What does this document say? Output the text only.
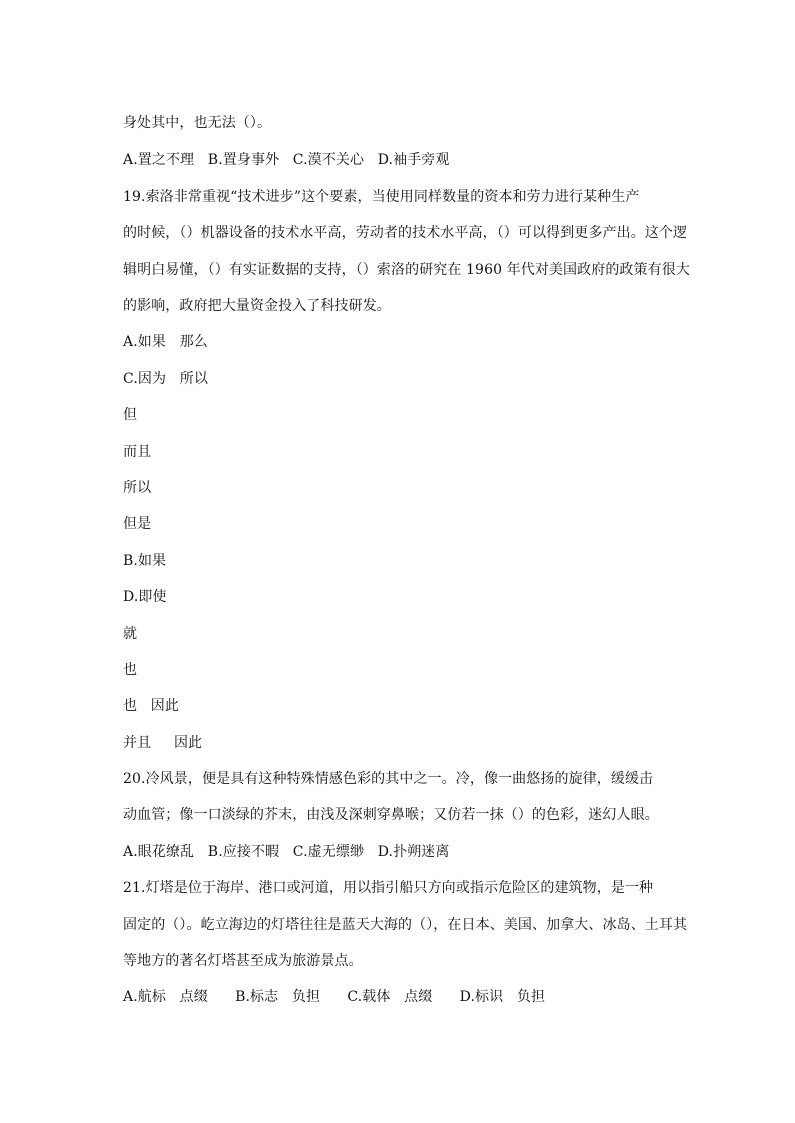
身处其中，也无法（）。
A.置之不理   B.置身事外   C.漠不关心   D.袖手旁观
19.索洛非常重视“技术进步”这个要素，当使用同样数量的资本和劳力进行某种生产
的时候，（）机器设备的技术水平高，劳动者的技术水平高，（）可以得到更多产出。这个逻
辑明白易懂，（）有实证数据的支持，（）索洛的研究在 1960 年代对美国政府的政策有很大
的影响，政府把大量资金投入了科技研发。
A.如果   那么
C.因为   所以
但
而且
所以
但是
B.如果
D.即使
就
也
也   因此
并且     因此
20.冷风景，便是具有这种特殊情感色彩的其中之一。冷，像一曲悠扬的旋律，缓缓击
动血管；像一口淡绿的芥末，由浅及深刺穿鼻喉；又仿若一抹（）的色彩，迷幻人眼。
A.眼花缭乱   B.应接不暇   C.虚无缥缈   D.扑朔迷离
21.灯塔是位于海岸、港口或河道，用以指引船只方向或指示危险区的建筑物，是一种
固定的（）。屹立海边的灯塔往往是蓝天大海的（），在日本、美国、加拿大、冰岛、土耳其
等地方的著名灯塔甚至成为旅游景点。
A.航标   点缀      B.标志   负担      C.载体   点缀      D.标识   负担
